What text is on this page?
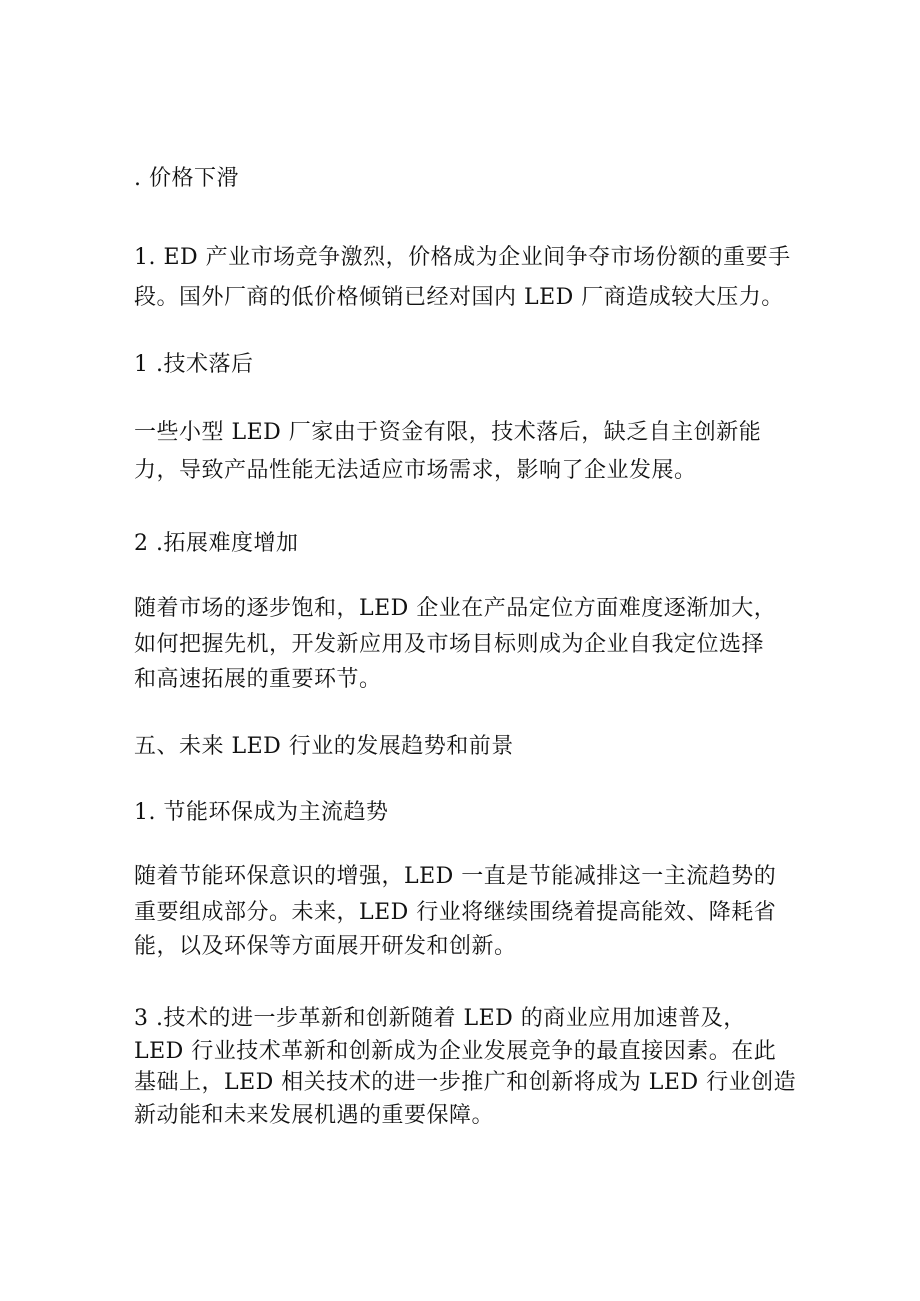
. 价格下滑
1. ED 产业市场竞争激烈，价格成为企业间争夺市场份额的重要手
段。国外厂商的低价格倾销已经对国内 LED 厂商造成较大压力。
1 .技术落后
一些小型 LED 厂家由于资金有限，技术落后，缺乏自主创新能
力，导致产品性能无法适应市场需求，影响了企业发展。
2 .拓展难度增加
随着市场的逐步饱和，LED 企业在产品定位方面难度逐渐加大，
如何把握先机，开发新应用及市场目标则成为企业自我定位选择
和高速拓展的重要环节。
五、未来 LED 行业的发展趋势和前景
1. 节能环保成为主流趋势
随着节能环保意识的增强，LED 一直是节能减排这一主流趋势的
重要组成部分。未来，LED 行业将继续围绕着提高能效、降耗省
能，以及环保等方面展开研发和创新。
3 .技术的进一步革新和创新随着 LED 的商业应用加速普及，
LED 行业技术革新和创新成为企业发展竞争的最直接因素。在此
基础上，LED 相关技术的进一步推广和创新将成为 LED 行业创造
新动能和未来发展机遇的重要保障。
